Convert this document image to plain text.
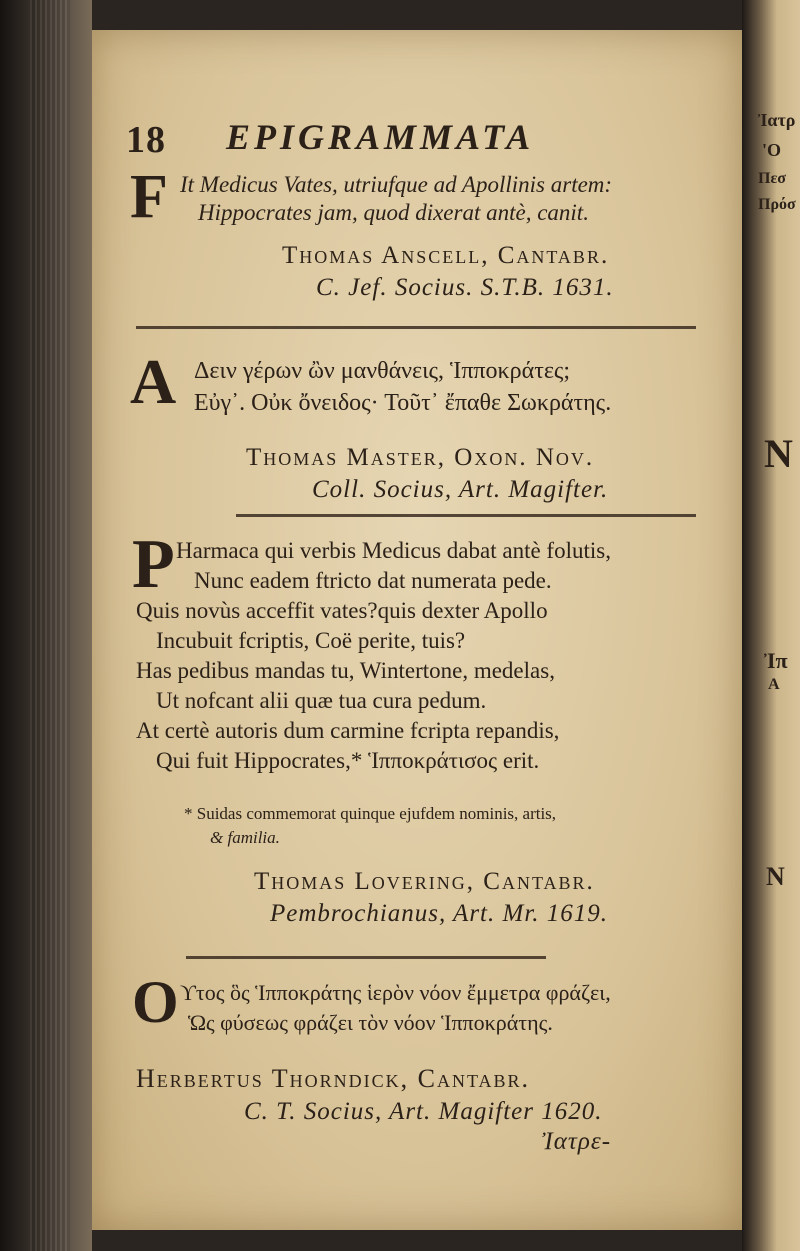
Ἰατρ
'O
Πεσ
Πρόσ
N
Ἰπ
A
N
18 EPIGRAMMATA
F It Medicus Vates, utriufque ad Apollinis artem:
Hippocrates jam, quod dixerat antè, canit.
Thomas Anscell, Cantabr.
C. Jef. Socius. S.T.B. 1631.
A Δειν γέρων ὢν μανθάνεις, Ἱπποκράτες;
Εὐγ᾽. Οὐκ ὄνειδος· Τοῦτ᾽ ἔπαθε Σωκράτης.
Thomas Master, Oxon. Nov.
Coll. Socius, Art. Magifter.
P Harmaca qui verbis Medicus dabat antè folutis,
Nunc eadem ftricto dat numerata pede.
Quis novùs acceffit vates?quis dexter Apollo
Incubuit fcriptis, Coë perite, tuis?
Has pedibus mandas tu, Wintertone, medelas,
Ut nofcant alii quæ tua cura pedum.
At certè autoris dum carmine fcripta repandis,
Qui fuit Hippocrates,* Ἱπποκράτισος erit.
* Suidas commemorat quinque ejufdem nominis, artis,
& familia.
Thomas Lovering, Cantabr.
Pembrochianus, Art. Mr. 1619.
O ϒτος ὃς Ἱπποκράτης ἱερὸν νόον ἔμμετρα φράζει,
Ὡς φύσεως φράζει τὸν νόον Ἱπποκράτης.
Herbertus Thorndick, Cantabr.
C. T. Socius, Art. Magifter 1620.
Ἰατρε-
